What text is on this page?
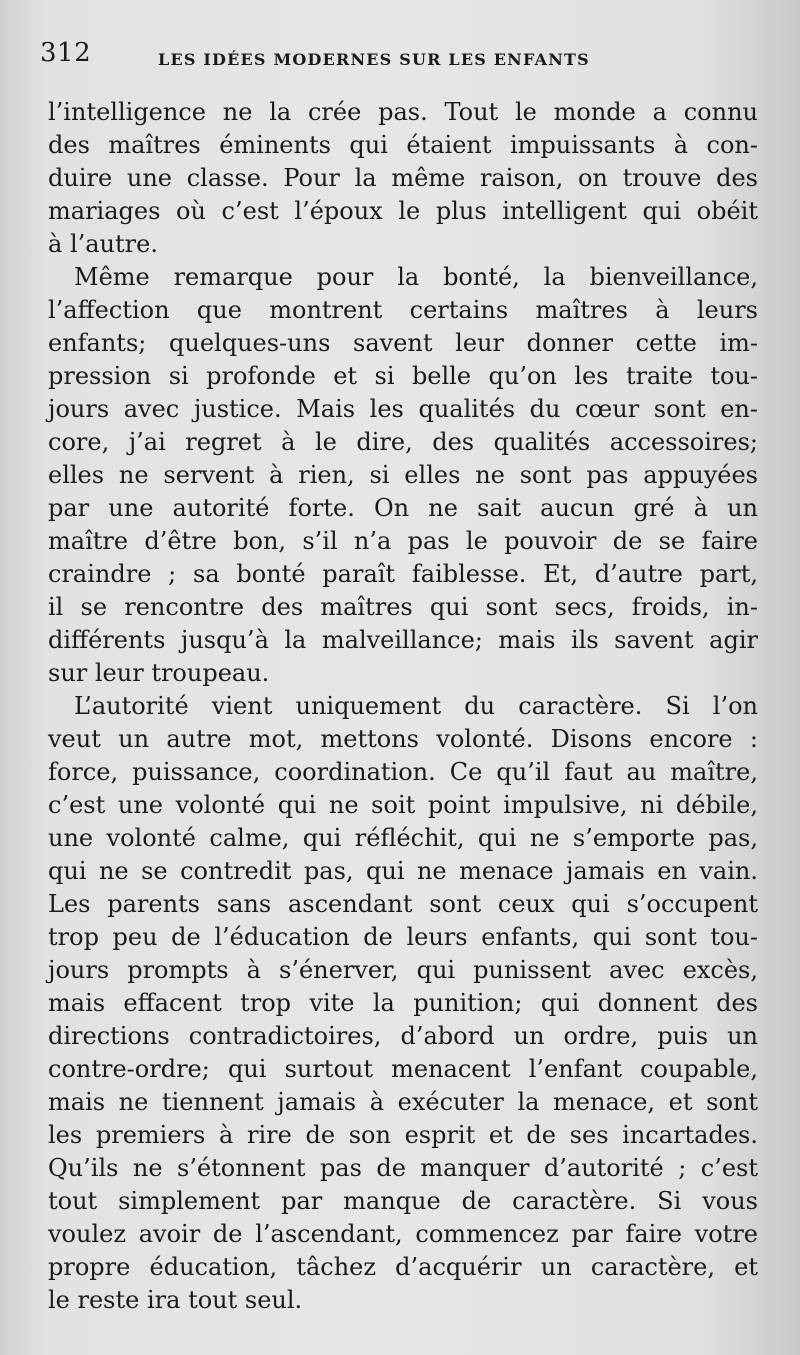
312	LES IDÉES MODERNES SUR LES ENFANTS
l’intelligence ne la crée pas. Tout le monde a connu
des maîtres éminents qui étaient impuissants à con-
duire une classe. Pour la même raison, on trouve des
mariages où c’est l’époux le plus intelligent qui obéit
à l’autre.
Même remarque pour la bonté, la bienveillance,
l’affection que montrent certains maîtres à leurs
enfants; quelques-uns savent leur donner cette im-
pression si profonde et si belle qu’on les traite tou-
jours avec justice. Mais les qualités du cœur sont en-
core, j’ai regret à le dire, des qualités accessoires;
elles ne servent à rien, si elles ne sont pas appuyées
par une autorité forte. On ne sait aucun gré à un
maître d’être bon, s’il n’a pas le pouvoir de se faire
craindre ; sa bonté paraît faiblesse. Et, d’autre part,
il se rencontre des maîtres qui sont secs, froids, in-
différents jusqu’à la malveillance; mais ils savent agir
sur leur troupeau.
L’autorité vient uniquement du caractère. Si l’on
veut un autre mot, mettons volonté. Disons encore :
force, puissance, coordination. Ce qu’il faut au maître,
c’est une volonté qui ne soit point impulsive, ni débile,
une volonté calme, qui réfléchit, qui ne s’emporte pas,
qui ne se contredit pas, qui ne menace jamais en vain.
Les parents sans ascendant sont ceux qui s’occupent
trop peu de l’éducation de leurs enfants, qui sont tou-
jours prompts à s’énerver, qui punissent avec excès,
mais effacent trop vite la punition; qui donnent des
directions contradictoires, d’abord un ordre, puis un
contre-ordre; qui surtout menacent l’enfant coupable,
mais ne tiennent jamais à exécuter la menace, et sont
les premiers à rire de son esprit et de ses incartades.
Qu’ils ne s’étonnent pas de manquer d’autorité ; c’est
tout simplement par manque de caractère. Si vous
voulez avoir de l’ascendant, commencez par faire votre
propre éducation, tâchez d’acquérir un caractère, et
le reste ira tout seul.
